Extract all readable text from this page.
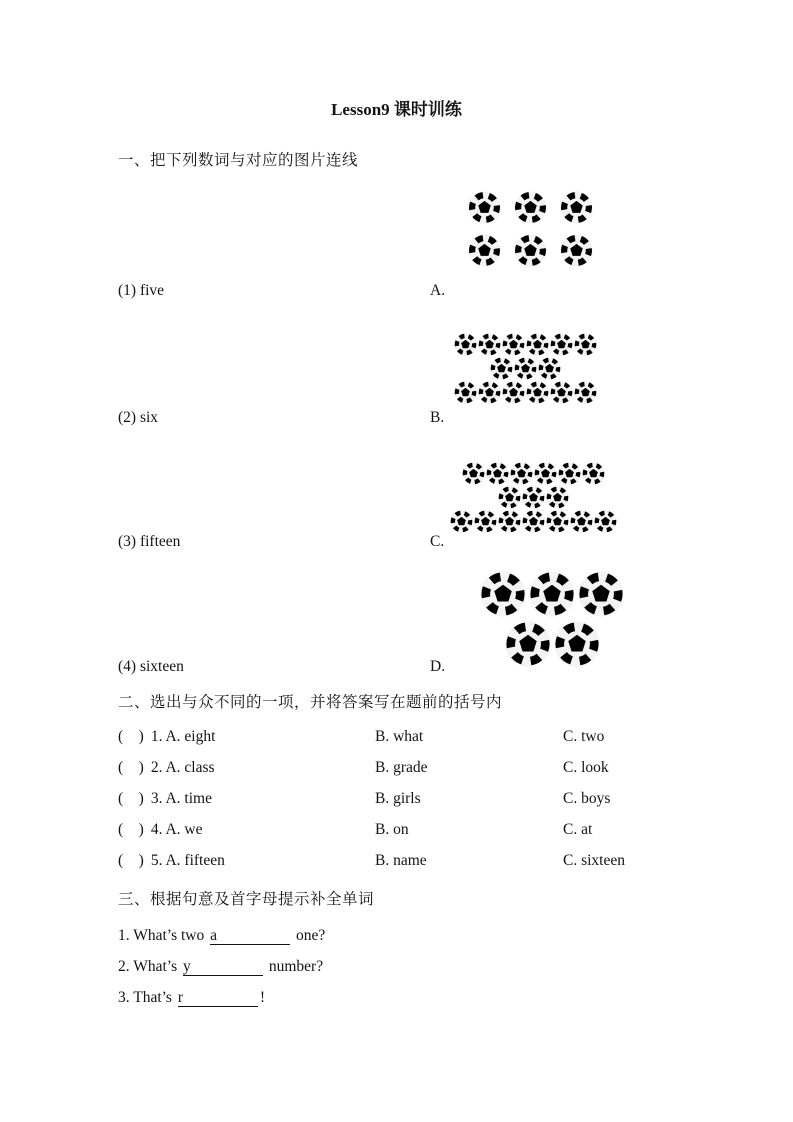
Lesson9 课时训练
一、把下列数词与对应的图片连线
(1) five	A.
(2) six	B.
(3) fifteen	C.
(4) sixteen	D.
二、选出与众不同的一项，并将答案写在题前的括号内
( ) 1. A. eight	B. what	C. two
( ) 2. A. class	B. grade	C. look
( ) 3. A. time	B. girls	C. boys
( ) 4. A. we	B. on	C. at
( ) 5. A. fifteen	B. name	C. sixteen
三、根据句意及首字母提示补全单词
1. What’s two a	one?
2. What’s y	number?
3. That’s r	!
